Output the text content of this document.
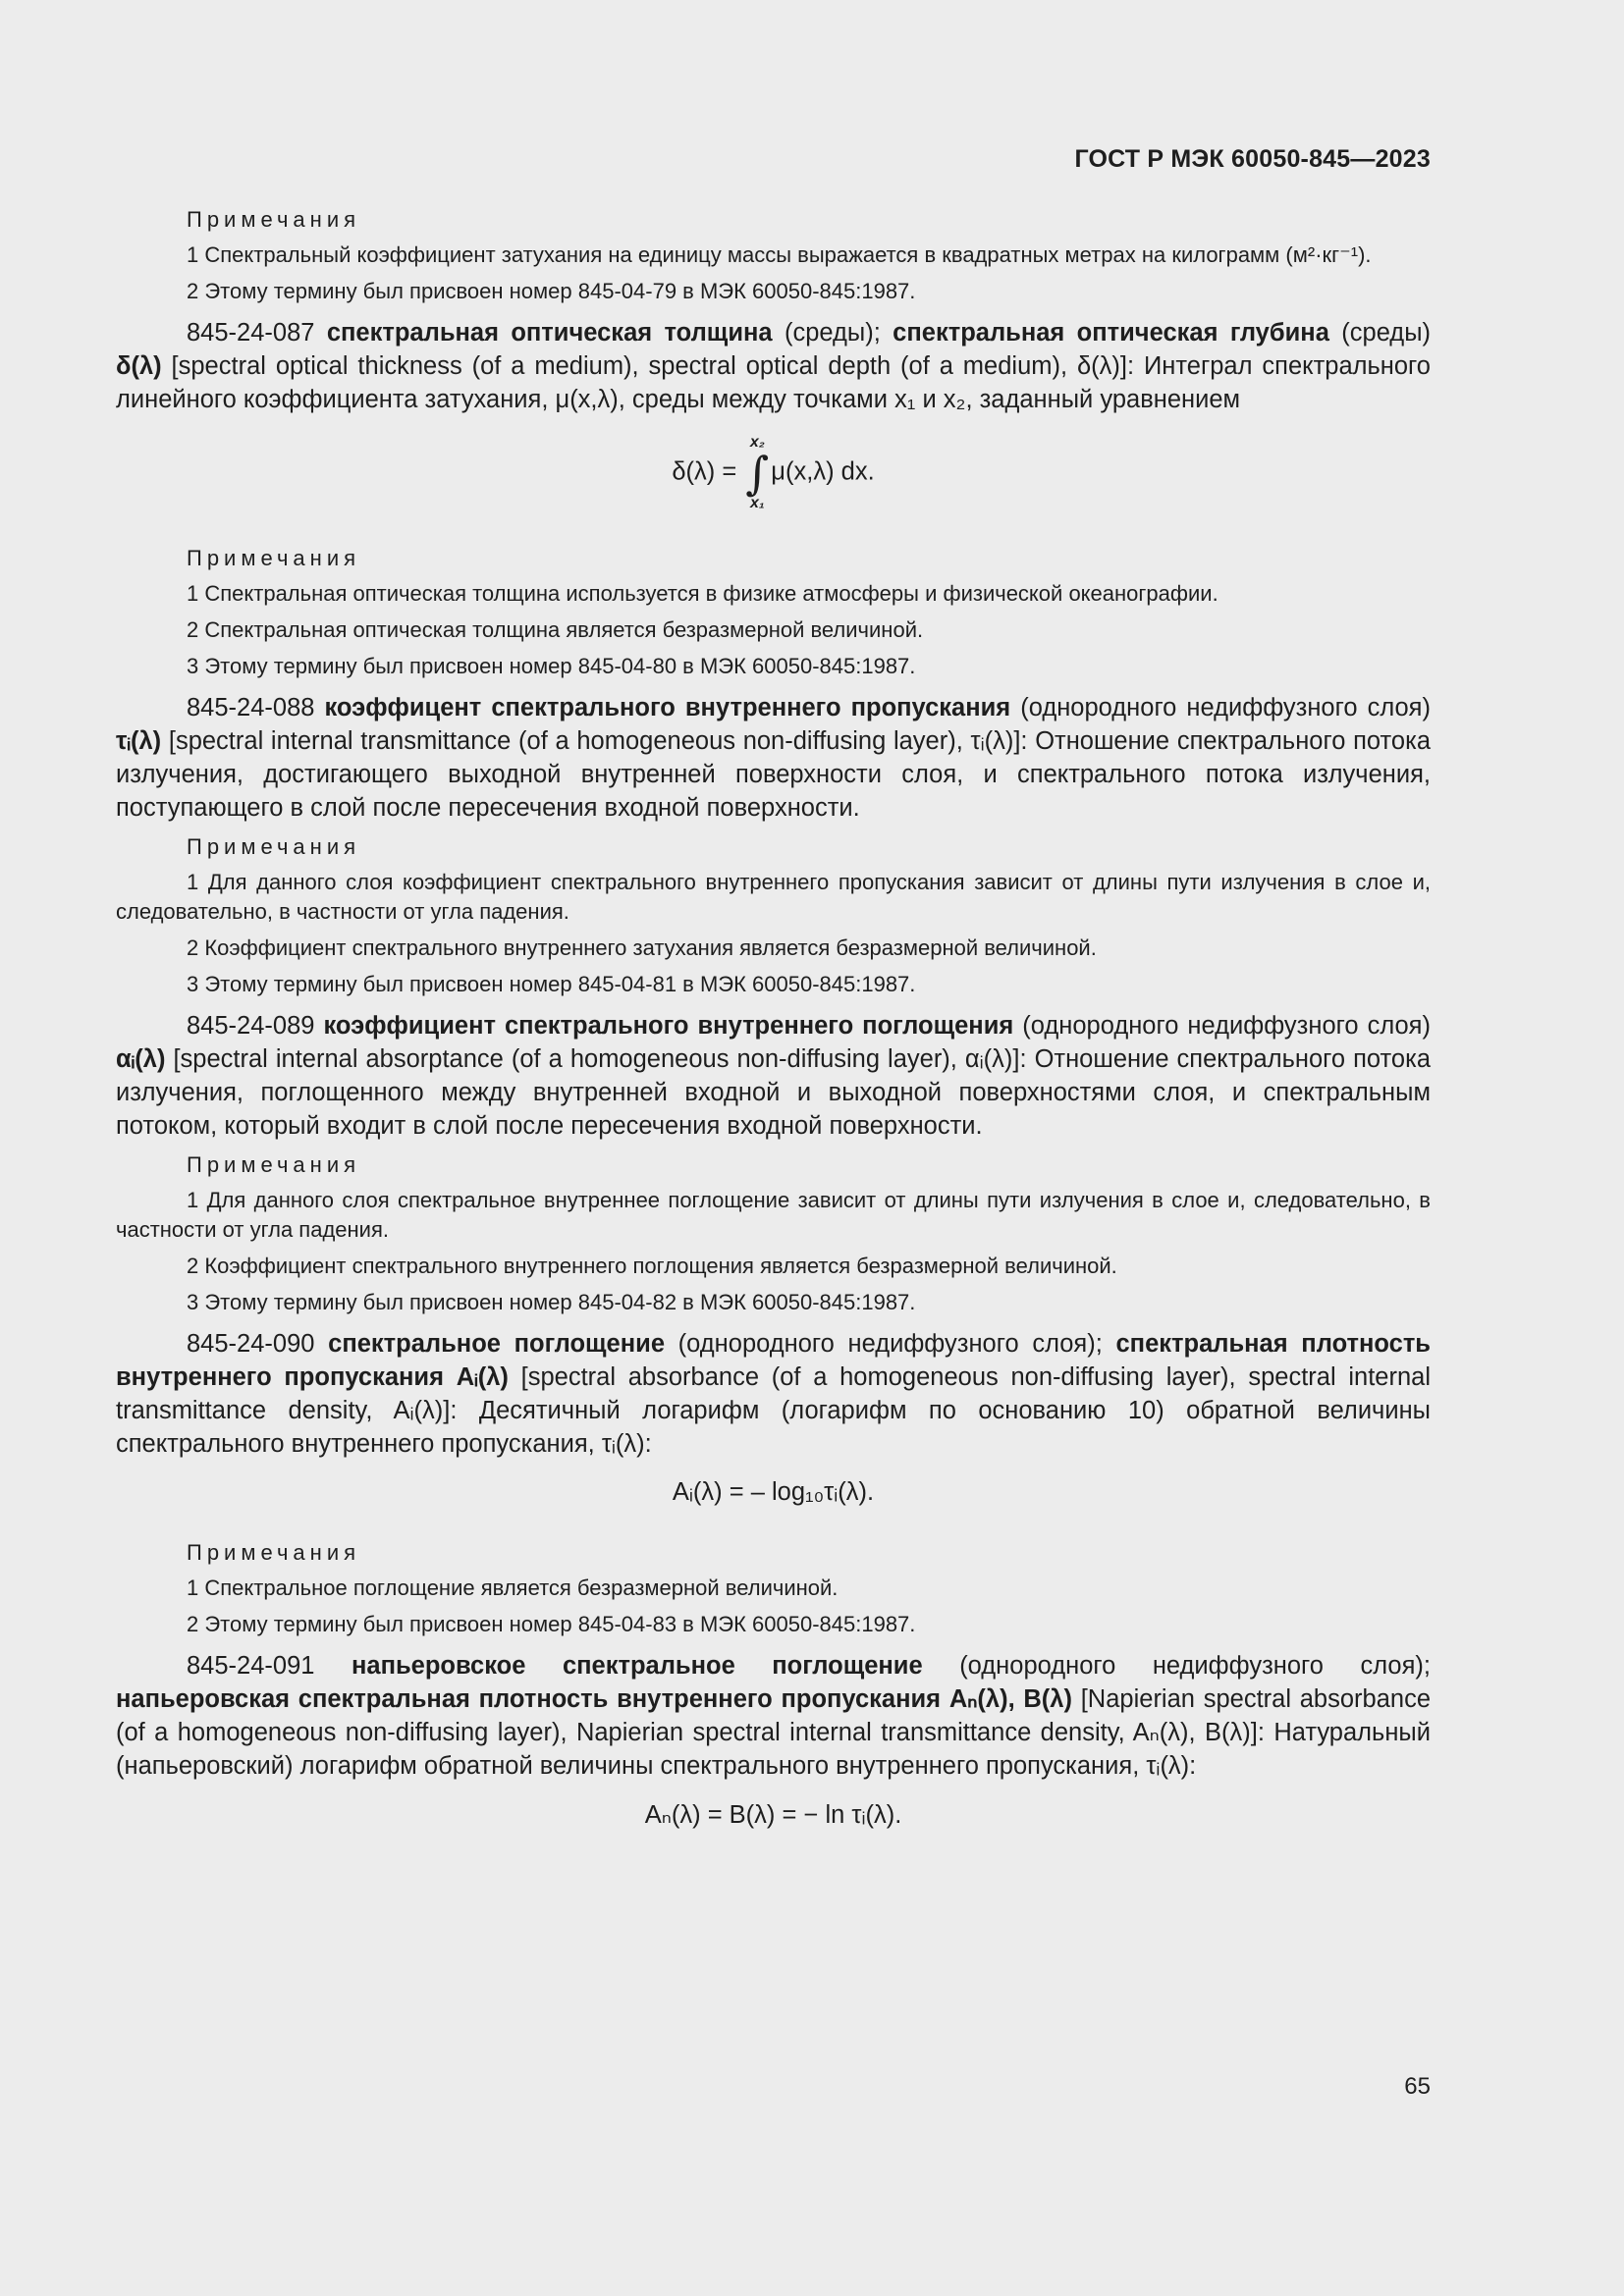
ГОСТ Р МЭК 60050-845—2023
Примечания

1 Спектральный коэффициент затухания на единицу массы выражается в квадратных метрах на килограмм (м²·кг⁻¹).

2 Этому термину был присвоен номер 845-04-79 в МЭК 60050-845:1987.

845-24-087 спектральная оптическая толщина (среды); спектральная оптическая глубина (среды) δ(λ) [spectral optical thickness (of a medium), spectral optical depth (of a medium), δ(λ)]: Интеграл спектрального линейного коэффициента затухания, μ(x,λ), среды между точками x₁ и x₂, заданный уравнением

δ(λ) =
x₂
∫
x₁
μ(x,λ) dx.
Примечания

1 Спектральная оптическая толщина используется в физике атмосферы и физической океанографии.

2 Спектральная оптическая толщина является безразмерной величиной.

3 Этому термину был присвоен номер 845-04-80 в МЭК 60050-845:1987.

845-24-088 коэффицент спектрального внутреннего пропускания (однородного недиффузного слоя) τᵢ(λ) [spectral internal transmittance (of a homogeneous non-diffusing layer), τᵢ(λ)]: Отношение спектрального потока излучения, достигающего выходной внутренней поверхности слоя, и спектрального потока излучения, поступающего в слой после пересечения входной поверхности.

Примечания

1 Для данного слоя коэффициент спектрального внутреннего пропускания зависит от длины пути излучения в слое и, следовательно, в частности от угла падения.

2 Коэффициент спектрального внутреннего затухания является безразмерной величиной.

3 Этому термину был присвоен номер 845-04-81 в МЭК 60050-845:1987.

845-24-089 коэффициент спектрального внутреннего поглощения (однородного недиффузного слоя) αᵢ(λ) [spectral internal absorptance (of a homogeneous non-diffusing layer), αᵢ(λ)]: Отношение спектрального потока излучения, поглощенного между внутренней входной и выходной поверхностями слоя, и спектральным потоком, который входит в слой после пересечения входной поверхности.

Примечания

1 Для данного слоя спектральное внутреннее поглощение зависит от длины пути излучения в слое и, следовательно, в частности от угла падения.

2 Коэффициент спектрального внутреннего поглощения является безразмерной величиной.

3 Этому термину был присвоен номер 845-04-82 в МЭК 60050-845:1987.

845-24-090 спектральное поглощение (однородного недиффузного слоя); спектральная плотность внутреннего пропускания Aᵢ(λ) [spectral absorbance (of a homogeneous non-diffusing layer), spectral internal transmittance density, Aᵢ(λ)]: Десятичный логарифм (логарифм по основанию 10) обратной величины спектрального внутреннего пропускания, τᵢ(λ):

Aᵢ(λ) = – log₁₀τᵢ(λ).
Примечания

1 Спектральное поглощение является безразмерной величиной.

2 Этому термину был присвоен номер 845-04-83 в МЭК 60050-845:1987.

845-24-091 напьеровское спектральное поглощение (однородного недиффузного слоя); напьеровская спектральная плотность внутреннего пропускания Aₙ(λ), B(λ) [Napierian spectral absorbance (of a homogeneous non-diffusing layer), Napierian spectral internal transmittance density, Aₙ(λ), B(λ)]: Натуральный (напьеровский) логарифм обратной величины спектрального внутреннего пропускания, τᵢ(λ):

Aₙ(λ) = B(λ) = − ln τᵢ(λ).
65
